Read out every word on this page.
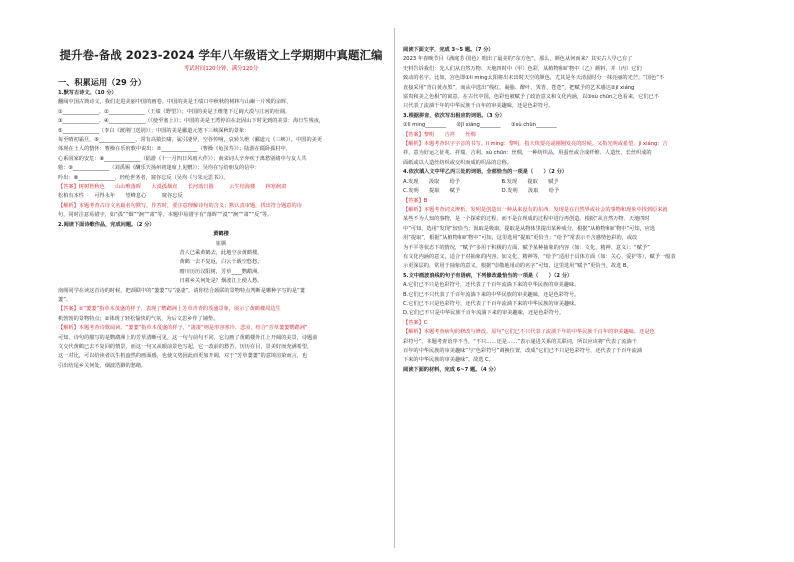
提升卷-备战 2023-2024 学年八年级语文上学期期中真题汇编

考试时间120分钟，满分120分

一、积累运用（29 分）

1.默写古诗文。（10 分）

翻阅中国古典诗文，我们走进美丽中国的画卷。中国的美是王绩口中秋秋的树林与山巅一片残的余晖，

①______________，②______________（王绩《野望》）；中国的美是王维笔下辽阔大漠与江河的壮阔，

③______________，④______________（《使至塞上》）；中国的美是王湾停泊在北固山下时见到的美景：海日生残夜，

⑤______________（李白《渡荆门送别》）；中国的美是郦道元笔下三峡深秋的景象：

每至晴初霜旦，⑥______________，常有高猿长啸，属引凄异，空谷传响，哀转久绝（郦道元《三峡》）。中国的美更

体现在士人的情怀：曹操在乐府歌中说出：⑦______________（曹操《龟虽寿》）；陆游在僵卧孤村中，

心系国家的安危：⑧______________（陆游《十一月四日风雨大作》）；南宋词人辛弃疾于离愁别绪中与友人共

勉：⑨______________（刘禹锡《酬乐天扬州初逢席上见赠》）；吴均在写给朋友的信中：

吟出：⑩______________，经纶世务者，窥谷忘反（吴均《与朱元思书》）。

【答案】树树皆秋色　　山山唯落晖　　大漠孤烟直　　长河落日圆　　　云生结海楼　　林寒涧肃

松柏有本性　　可得永年　　望峰息心　　　窥谷忘反

【解析】本题考查古诗文名篇名句默写。作答时，要注意理解诗句的含义；默认真审题，找出符合题意的诗

句，同时注意易错字，如“孤”“烟”“涧”“肃”等。本题中易错字有“落晖”“漠”“涧”“肃”“反”等。

2.阅读下面诗歌作品，完成问题。（2 分）

黄鹤楼

崔颢

昔人已乘黄鹤去，此地空余黄鹤楼。

黄鹤一去不复返，白云千载空悠悠。

晴川历历汉阳树，芳草____鹦鹉洲。

日暮乡关何处是？烟波江上使人愁。

南阁同学在读这首诗的时候，把颈联中的“萋萋”写“凄凄”，请你结合颈联的景物特点判断是哪种字写的是“萋

萋”。

【答案】①“萋萋”指草木茂盛的样子，表现了鹦鹉洲上芳草青青的茂盛景象，展示了黄鹤楼周边生

机勃勃的景物特点；②体现了轻松愉快的气氛，为后文思乡作了铺垫。

【解析】本题考查诗歌阅读。“萋萋”指草木茂盛的样子，“凄凄”则是形容寒冷、悲凉，结合“芳草萋萋鹦鹉洲”

可知，诗句的描写的是鹦鹉洲上的芳草清晰可见，这一句与前句不同，它勾画了黄鹤楼外江上开阔的美景，诗题前

文交代黄鹤已去不复回的情景，而这一句又从眼前景色写起，它一改前的愁苦，历历在目，景美好而充满希望，

这一对比，可以给读者以生机盎然的画面感，也使文势因此而更加开阔，对于“芳草萋萋”的意境渲染而言，也

引出结尾乡关何处、烟波浩渺的愁绪。

阅读下面文字，完成 3~5 题。（7 分）

2023 年春晚节目《满庭芳·国色》唱出了最美的“东方色”。那么，颜色从何而来？其实古人早已有了

史料告诉我们：先人们从自然万物、天地四时中（甲）色彩，从植物和矿物中（乙）颜料，并（丙）它们

致动的名字。比如，宫色即①li ming太阳将出未出时天空的颜色，尤其是冬天清晨时分一抹亮丽的光芒。“国色”不

直接采用“青白黄赤黑”，而从中选出“栈红、凝脂、醉叶、霁青、苍苍”，把赋予的艺术感达②jī xiáng

富贵和美之色相”的寓意。在古代中国，色彩也被赋予了政治意义和文化内涵，以③sù chūn之色看来，它们已不

只代表了流淌千年的中华民族千百年的审美趣味，还是色彩符号。

3.根据拼音，依次写出相应的词语。（3 分）

①li ming________　　②jī xiáng________　　③sù chūn________

【答案】黎明　　吉祥　　丝绸

【解析】本题考查识字字音的书写。li ming：黎明，指天快要亮或刚刚发亮的时候。又指光明或希望。jī xiáng：吉

祥，意为好运之征兆、祥瑞、吉利。sù chūn：丝绸，一种纺织品，用蚕丝或合成纤维、人造丝、长丝织成的

面纸或以人造丝纺织或交织而成的织品的总称。

4.依次填入文中甲乙丙三处的词语，全部恰当的一项是（　　）（2 分）

A.发现　　汲取　　给予　　　　　　　　B.发现　　提取　　赋予

C.发明　　提取　　赋予　　　　　　　　D.发明　　汲取　　给予

【答案】B

【解析】本题考查词义辨析。发明是创造出一种从来没有的东西，发现是在自然界或社会的事物和现象中找到原来就

某些不为人知的事物，是一个探索的过程，而不是在现成的过程中进行再创造。根据“从自然万物、天地四时

中”可知，选用“发现”较恰当；汲取是吸取，提取是从物体里提出某种成分，根据“从植物和矿物中”可知，应选

用“提取”，根据“从植物和矿物中”可知，这里选用“提取”更恰当；“给予”常表示不含感情色彩的，或改

为不平等状态下的情况，“赋予”多用于积极的方面，赋予某种抽象的内容（如：文化、精神、意义）；“赋予”

有文化内涵的意义，适合于对抽象的内容，如文化、精神等，“给予”适用于具体方面（如：关心、爱护等）。赋予一般表

示更深层的，常用于抽象的意义。根据“崇敬地用动的名字”可知，这里选用“赋予”更恰当。故选 B。

5.文中画波浪线的句子有语病，下列修改最恰当的一项是（　　）（2 分）

A.它们已不只是色彩符号，还代表了千百年流淌下来的中华民族的审美趣味。

B.它们已不只代表了千百年流淌下来的中华民族的审美趣味，还是色彩符号。

C.它们已不只是色彩符号，还代表了千百年流淌下来的中华民族的审美趣味。

D.它们已不只是中华民族千百年流淌下来的审美趣味，还是色彩符号。

【答案】C

【解析】本题考查病句的修改与修改。原句“它们已不只代表了流淌千年的中华民族千百年的审美趣味，还是色

彩符号”，本题考查语序不当，“不只……还是……”表示递进关系的关联词，所以应该将“代表了流淌千

百年的中华民族的审美趣味”与“色彩符号”调换位置，改成“它们已不只是色彩符号，还代表了千百年流淌

下来的中华民族的审美趣味”。故选 C。

阅读下面的材料，完成 6~7 题。（4 分）
